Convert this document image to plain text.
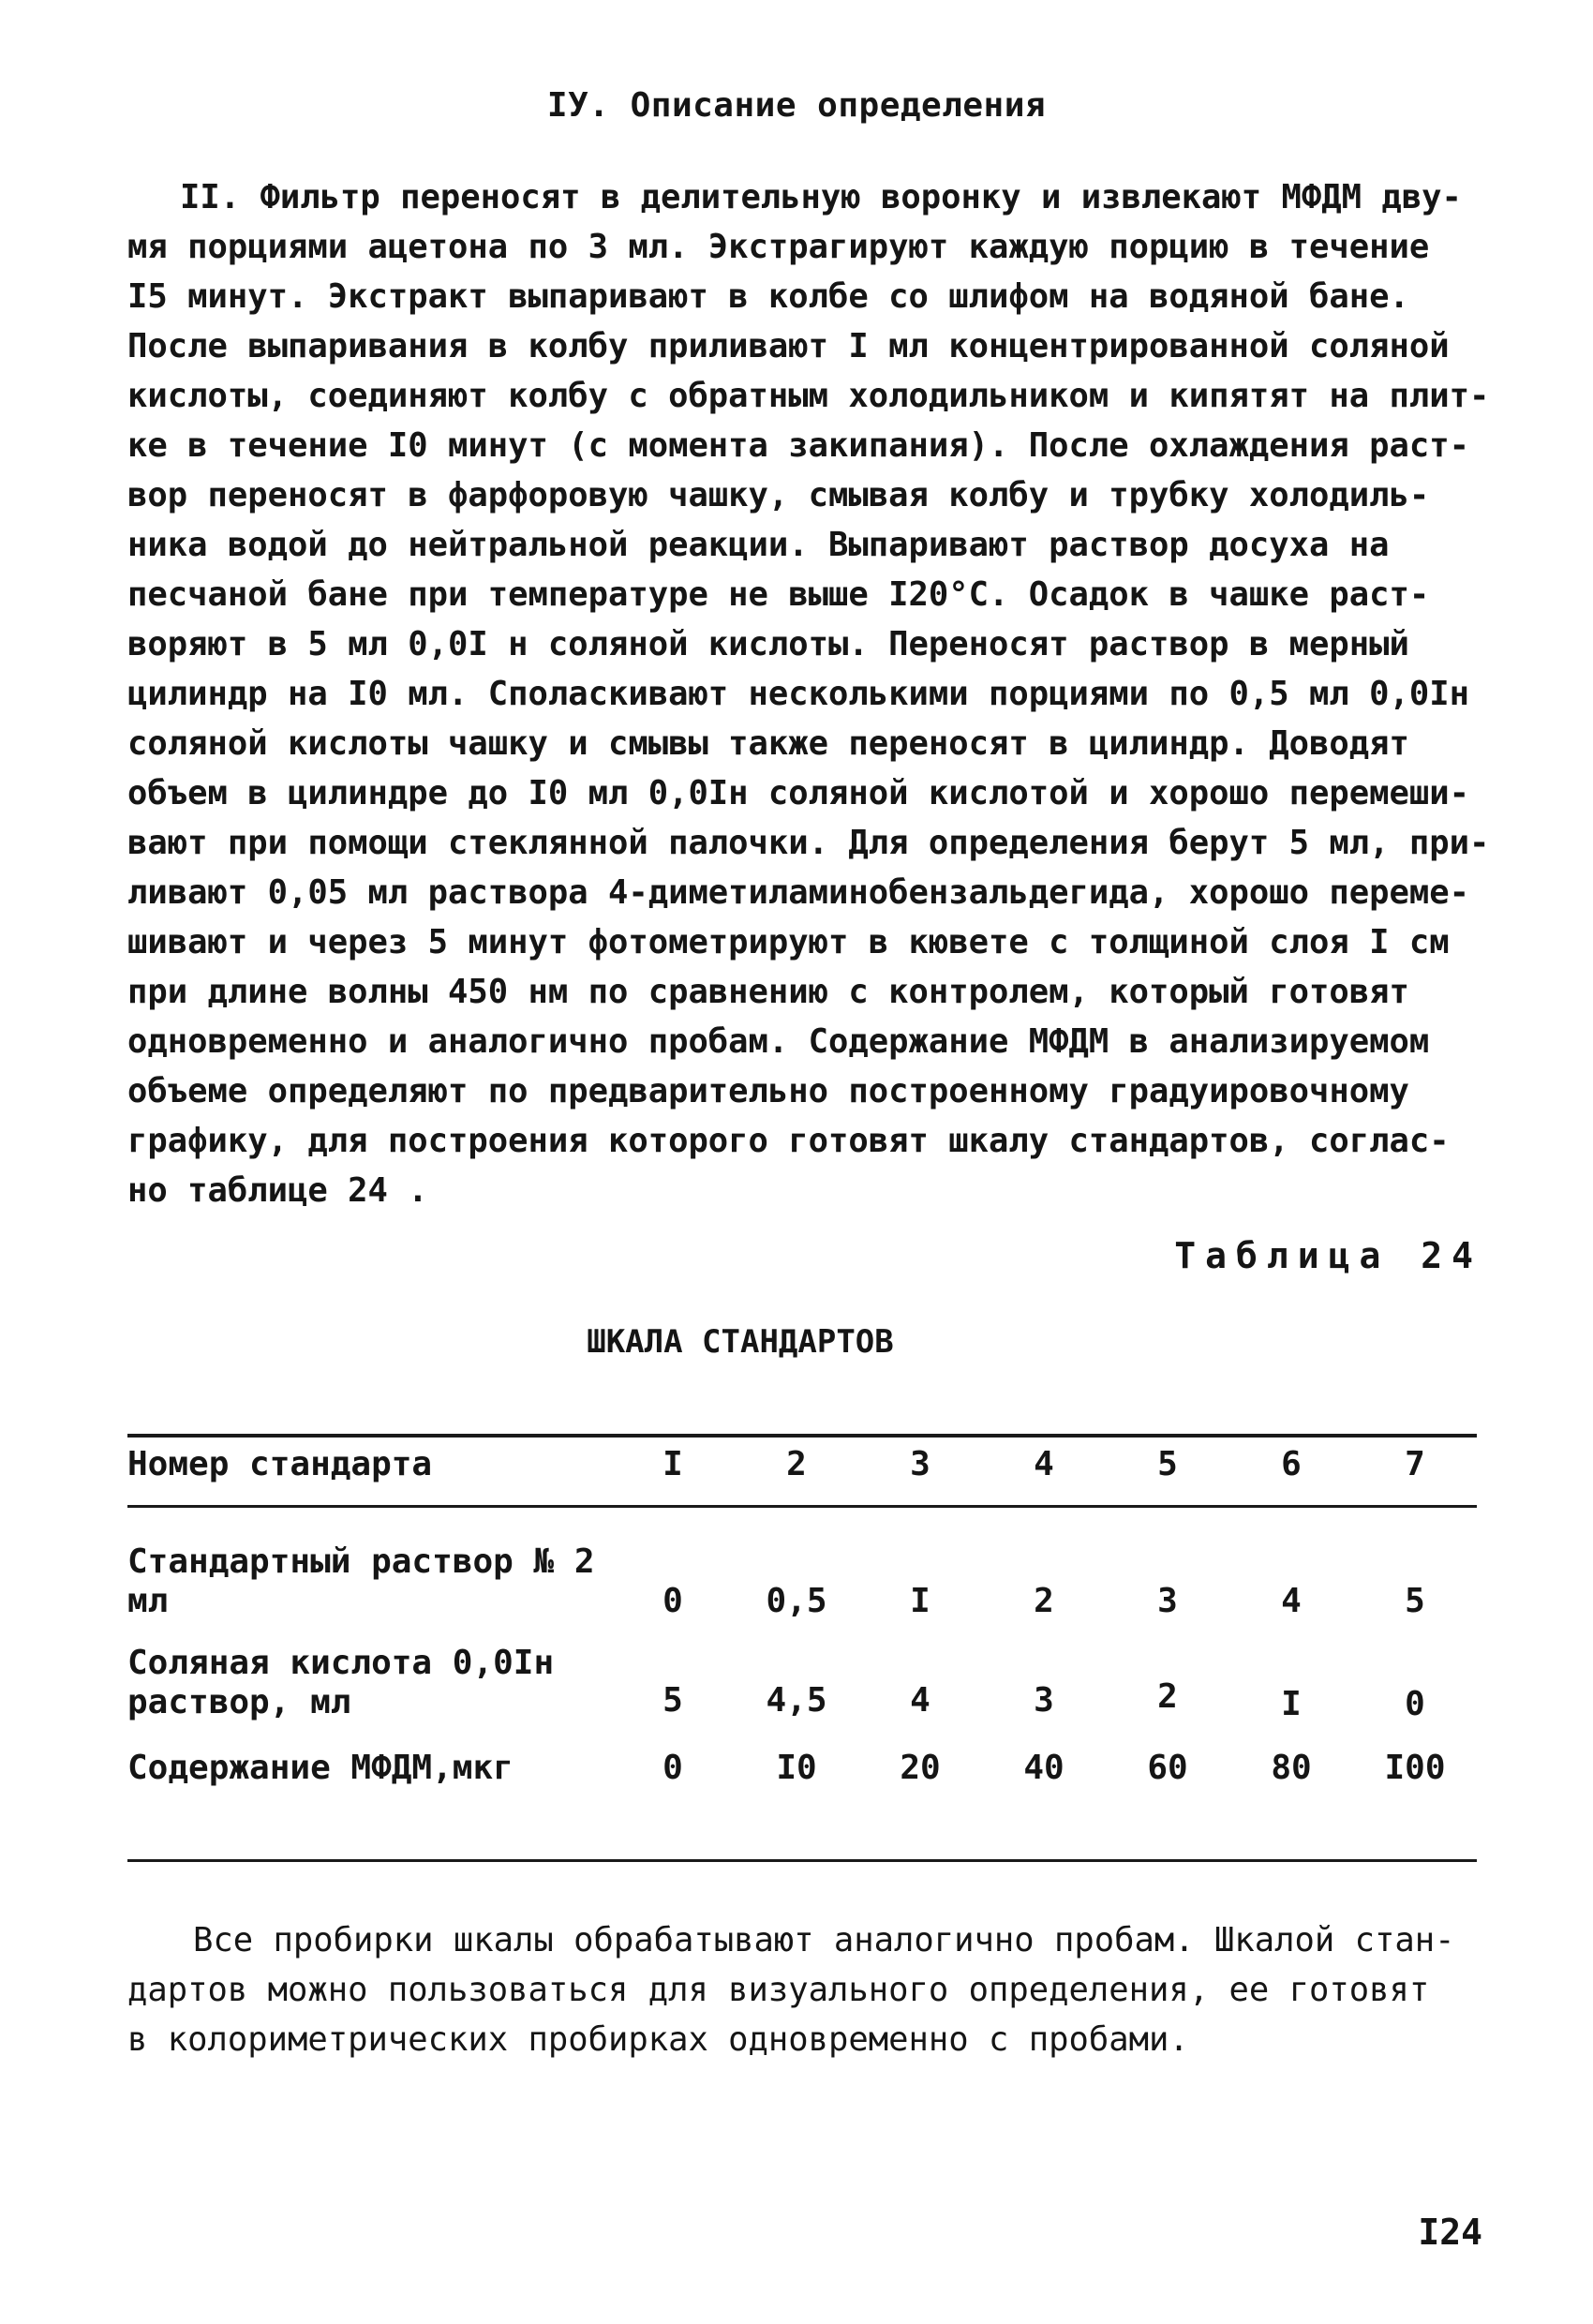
IУ. Описание определения
II. Фильтр переносят в делительную воронку и извлекают МФДМ дву-
мя порциями ацетона по 3 мл. Экстрагируют каждую порцию в течение
I5 минут. Экстракт выпаривают в колбе со шлифом на водяной бане.
После выпаривания в колбу приливают I мл концентрированной соляной
кислоты, соединяют колбу с обратным холодильником и кипятят на плит-
ке в течение I0 минут (с момента закипания). После охлаждения раст-
вор переносят в фарфоровую чашку, смывая колбу и трубку холодиль-
ника водой до нейтральной реакции. Выпаривают раствор досуха на
песчаной бане при температуре не выше I20°С. Осадок в чашке раст-
воряют в 5 мл 0,0I н соляной кислоты. Переносят раствор в мерный
цилиндр на I0 мл. Споласкивают несколькими порциями по 0,5 мл 0,0Iн
соляной кислоты чашку и смывы также переносят в цилиндр. Доводят
объем в цилиндре до I0 мл 0,0Iн соляной кислотой и хорошо перемеши-
вают при помощи стеклянной палочки. Для определения берут 5 мл, при-
ливают 0,05 мл раствора 4-диметиламинобензальдегида, хорошо переме-
шивают и через 5 минут фотометрируют в кювете с толщиной слоя I см
при длине волны 450 нм по сравнению с контролем, который готовят
одновременно и аналогично пробам. Содержание МФДМ в анализируемом
объеме определяют по предварительно построенному градуировочному
графику, для построения которого готовят шкалу стандартов, соглас-
но таблице 24 .
Таблица 24
ШКАЛА СТАНДАРТОВ
Номер стандарта	I	2	3	4	5	6	7
Стандартный раствор № 2
мл	0	0,5	I	2	3	4	5
Соляная кислота 0,0Iн
раствор, мл	5	4,5	4	3	2	I	0
Содержание МФДМ,мкг	0	I0	20	40	60	80	I00
Все пробирки шкалы обрабатывают аналогично пробам. Шкалой стан-
дартов можно пользоваться для визуального определения, ее готовят
в колориметрических пробирках одновременно с пробами.
I24
